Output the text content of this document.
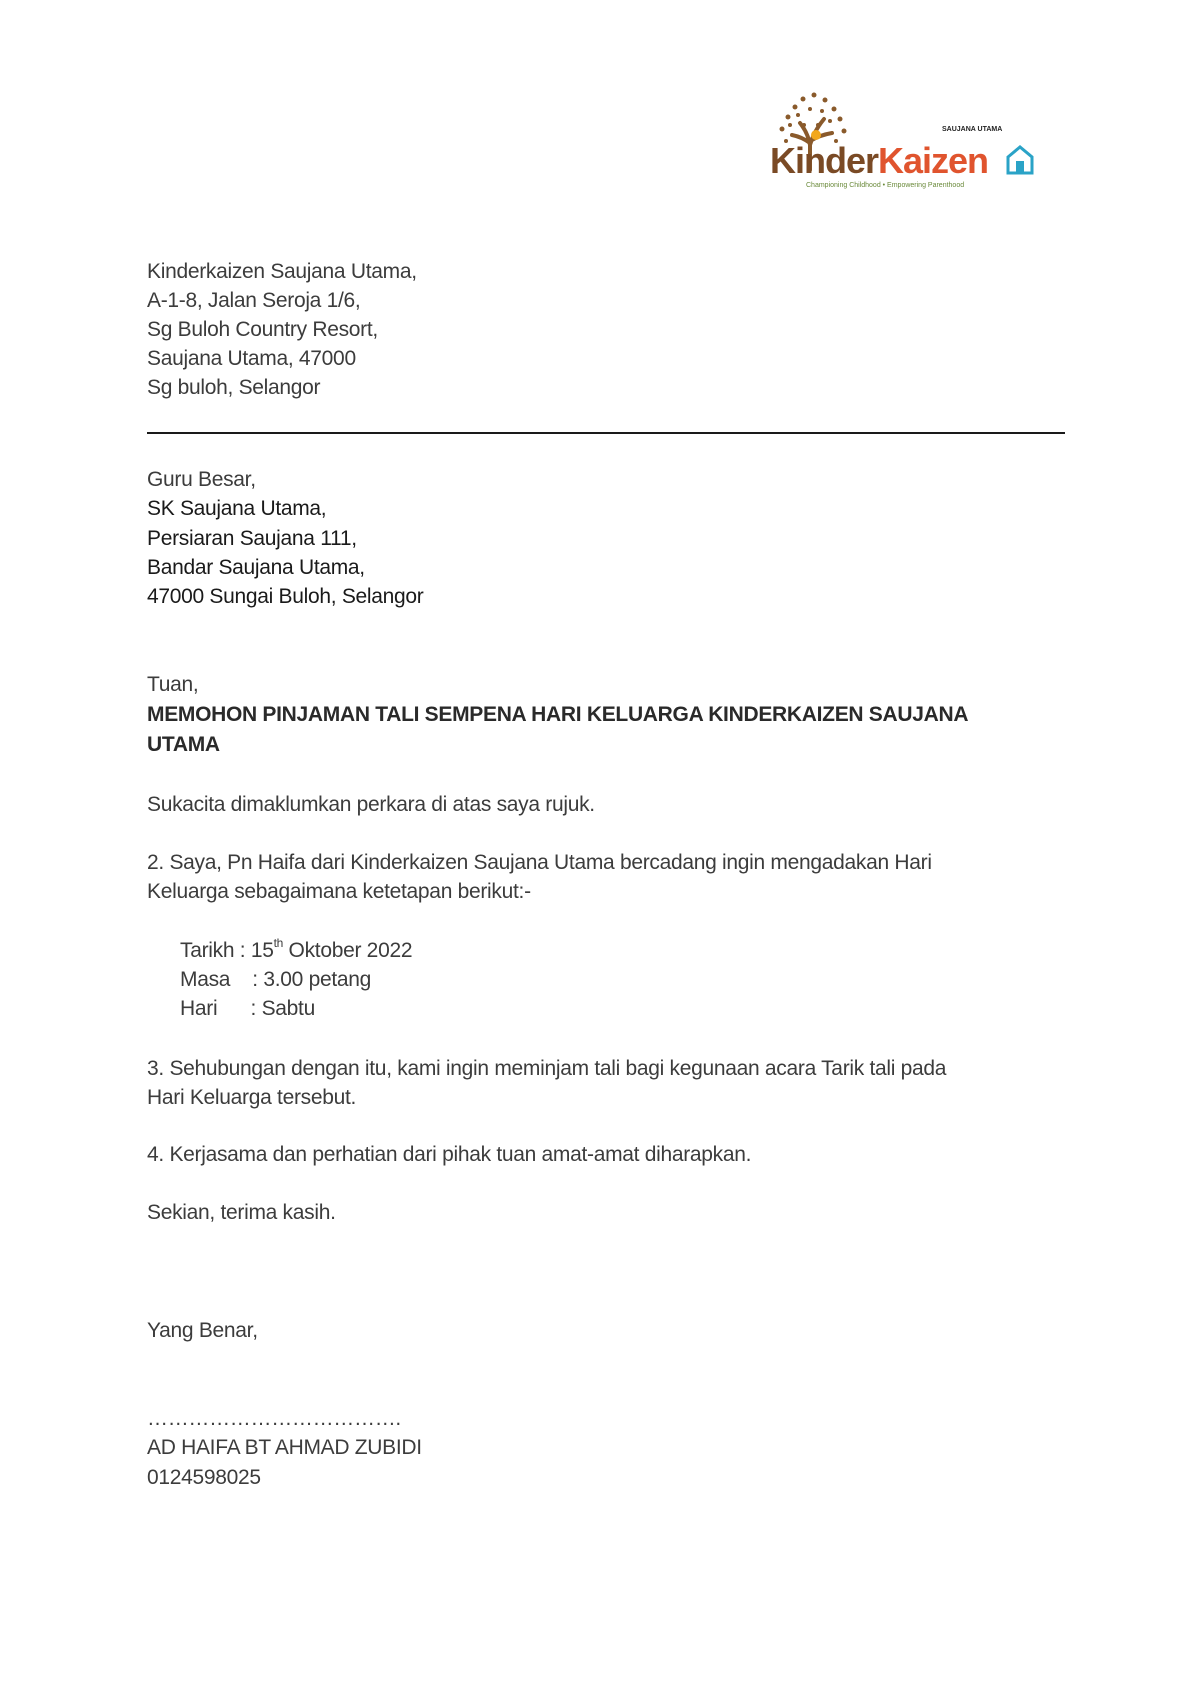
SAUJANA UTAMA
KinderKaizen
Championing Childhood • Empowering Parenthood
Kinderkaizen Saujana Utama,
A-1-8, Jalan Seroja 1/6,
Sg Buloh Country Resort,
Saujana Utama, 47000
Sg buloh, Selangor
Guru Besar,
SK Saujana Utama,
Persiaran Saujana 111,
Bandar Saujana Utama,
47000 Sungai Buloh, Selangor
Tuan,
MEMOHON PINJAMAN TALI SEMPENA HARI KELUARGA KINDERKAIZEN SAUJANA
UTAMA
Sukacita dimaklumkan perkara di atas saya rujuk.
2. Saya, Pn Haifa dari Kinderkaizen Saujana Utama bercadang ingin mengadakan Hari
Keluarga sebagaimana ketetapan berikut:-
Tarikh : 15th Oktober 2022
Masa    : 3.00 petang
Hari      : Sabtu
3. Sehubungan dengan itu, kami ingin meminjam tali bagi kegunaan acara Tarik tali pada
Hari Keluarga tersebut.
4. Kerjasama dan perhatian dari pihak tuan amat-amat diharapkan.
Sekian, terima kasih.
Yang Benar,
……………………………….
AD HAIFA BT AHMAD ZUBIDI
0124598025
